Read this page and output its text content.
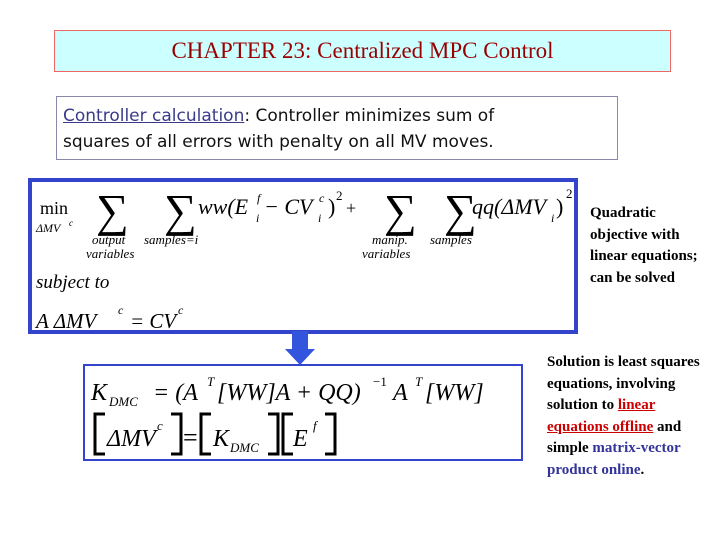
CHAPTER 23: Centralized MPC Control
Controller calculation: Controller minimizes sum of
squares of all errors with penalty on all MV moves.
min
ΔMV c ∑
output
variables
∑
samples=i
ww(E f
i − CV c
i ) 2
+ ∑
manip.
variables
∑
samples
qq(ΔMV i )
2
subject to
A ΔMV c = CV c
K DMC = (A T [WW]A + QQ) −1 A T [WW]
ΔMV
c = K DMC E
f
Quadratic objective with linear equations; can be solved
Solution is least squares equations, involving solution to linear equations offline and simple matrix-vector product online.
